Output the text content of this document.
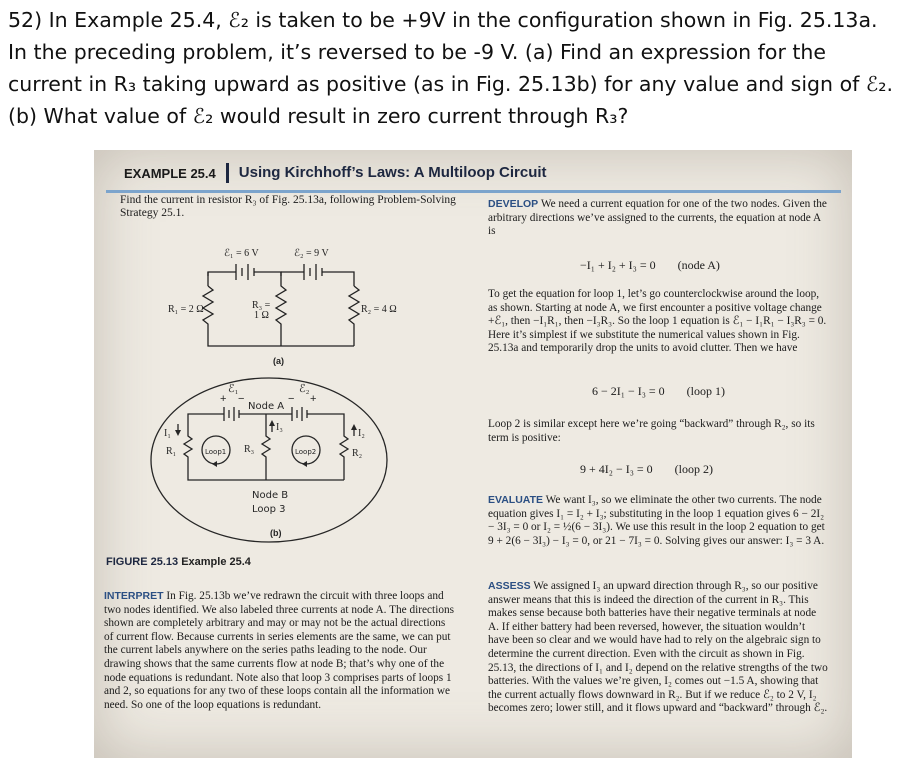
52) In Example 25.4, ℰ₂ is taken to be +9V in the configuration shown in Fig. 25.13a. In the preceding problem, it’s reversed to be -9 V. (a) Find an expression for the current in R₃ taking upward as positive (as in Fig. 25.13b) for any value and sign of ℰ₂. (b) What value of ℰ₂ would result in zero current through R₃?
EXAMPLE 25.4	Using Kirchhoff’s Laws: A Multiloop Circuit
Find the current in resistor R₃ of Fig. 25.13a, following Problem-Solving Strategy 25.1.
ℰ₁ = 6 V	ℰ₂ = 9 V
R₁ = 2 Ω	R₃ =
1 Ω
R₂ = 4 Ω
(a)
+
ℰ₁
−	−
ℰ₂
+
Node A
I₁
I₃
I₂
R₁	R₃	R₂
Loop1	Loop2
Node B
Loop 3
(b)
FIGURE 25.13 Example 25.4
INTERPRET In Fig. 25.13b we’ve redrawn the circuit with three loops and two nodes identified. We also labeled three currents at node A. The directions shown are completely arbitrary and may or may not be the actual directions of current flow. Because currents in series elements are the same, we can put the current labels anywhere on the series paths leading to the node. Our drawing shows that the same currents flow at node B; that’s why one of the node equations is redundant. Note also that loop 3 comprises parts of loops 1 and 2, so equations for any two of these loops contain all the information we need. So one of the loop equations is redundant.
DEVELOP We need a current equation for one of the two nodes. Given the arbitrary directions we’ve assigned to the currents, the equation at node A is
−I₁ + I₂ + I₃ = 0 (node A)
To get the equation for loop 1, let’s go counterclockwise around the loop, as shown. Starting at node A, we first encounter a positive voltage change +ℰ₁, then −I₁R₁, then −I₃R₃. So the loop 1 equation is ℰ₁ − I₁R₁ − I₃R₃ = 0. Here it’s simplest if we substitute the numerical values shown in Fig. 25.13a and temporarily drop the units to avoid clutter. Then we have
6 − 2I₁ − I₃ = 0 (loop 1)
Loop 2 is similar except here we’re going “backward” through R₂, so its term is positive:
9 + 4I₂ − I₃ = 0 (loop 2)
EVALUATE We want I₃, so we eliminate the other two currents. The node equation gives I₁ = I₂ + I₃; substituting in the loop 1 equation gives 6 − 2I₂ − 3I₃ = 0 or I₂ = ½(6 − 3I₃). We use this result in the loop 2 equation to get 9 + 2(6 − 3I₃) − I₃ = 0, or 21 − 7I₃ = 0. Solving gives our answer: I₃ = 3 A.
ASSESS We assigned I₃ an upward direction through R₃, so our positive answer means that this is indeed the direction of the current in R₃. This makes sense because both batteries have their negative terminals at node A. If either battery had been reversed, however, the situation wouldn’t have been so clear and we would have had to rely on the algebraic sign to determine the current direction. Even with the circuit as shown in Fig. 25.13, the directions of I₁ and I₂ depend on the relative strengths of the two batteries. With the values we’re given, I₂ comes out −1.5 A, showing that the current actually flows downward in R₂. But if we reduce ℰ₂ to 2 V, I₂ becomes zero; lower still, and it flows upward and “backward” through ℰ₂.
